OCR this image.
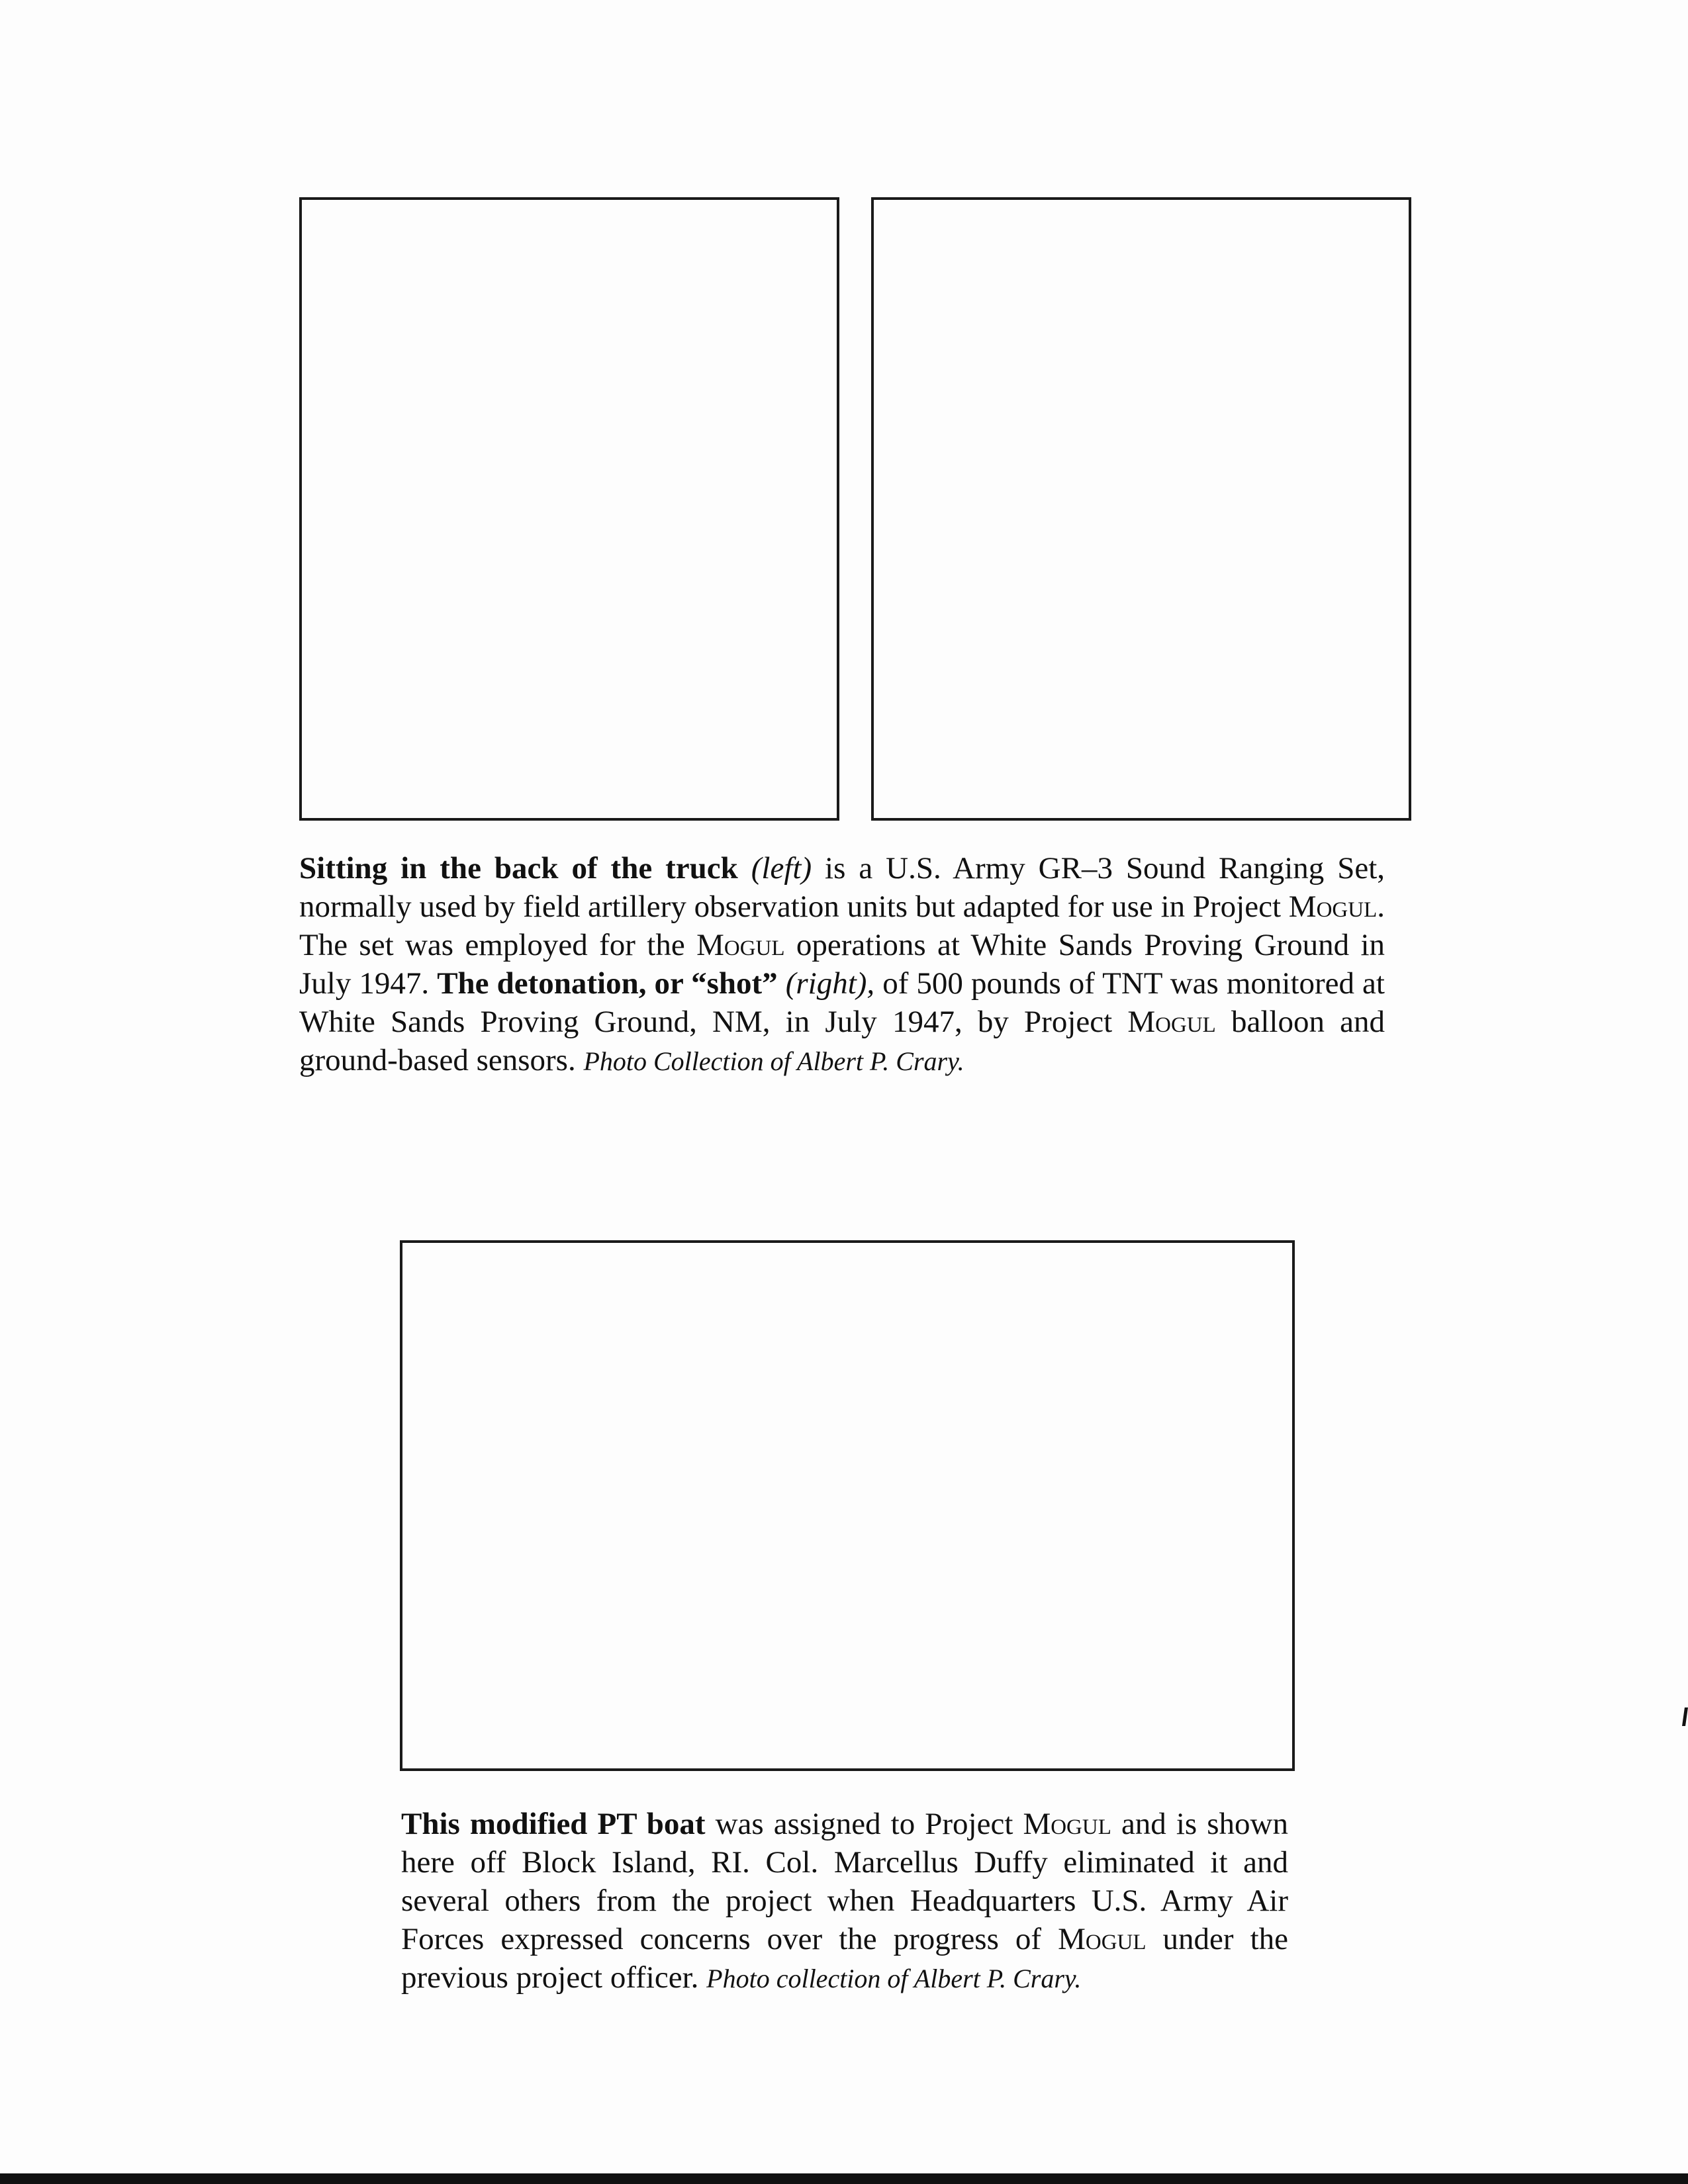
Sitting in the back of the truck (left) is a U.S. Army GR–3 Sound Ranging Set, normally used by field artillery observation units but adapted for use in Project Mogul. The set was employed for the Mogul operations at White Sands Proving Ground in July 1947. The detonation, or “shot” (right), of 500 pounds of TNT was monitored at White Sands Proving Ground, NM, in July 1947, by Project Mogul balloon and ground-based sensors. Photo Collection of Albert P. Crary.

This modified PT boat was assigned to Project Mogul and is shown here off Block Island, RI. Col. Marcellus Duffy eliminated it and several others from the project when Headquarters U.S. Army Air Forces expressed concerns over the progress of Mogul under the previous project officer. Photo collection of Albert P. Crary.
